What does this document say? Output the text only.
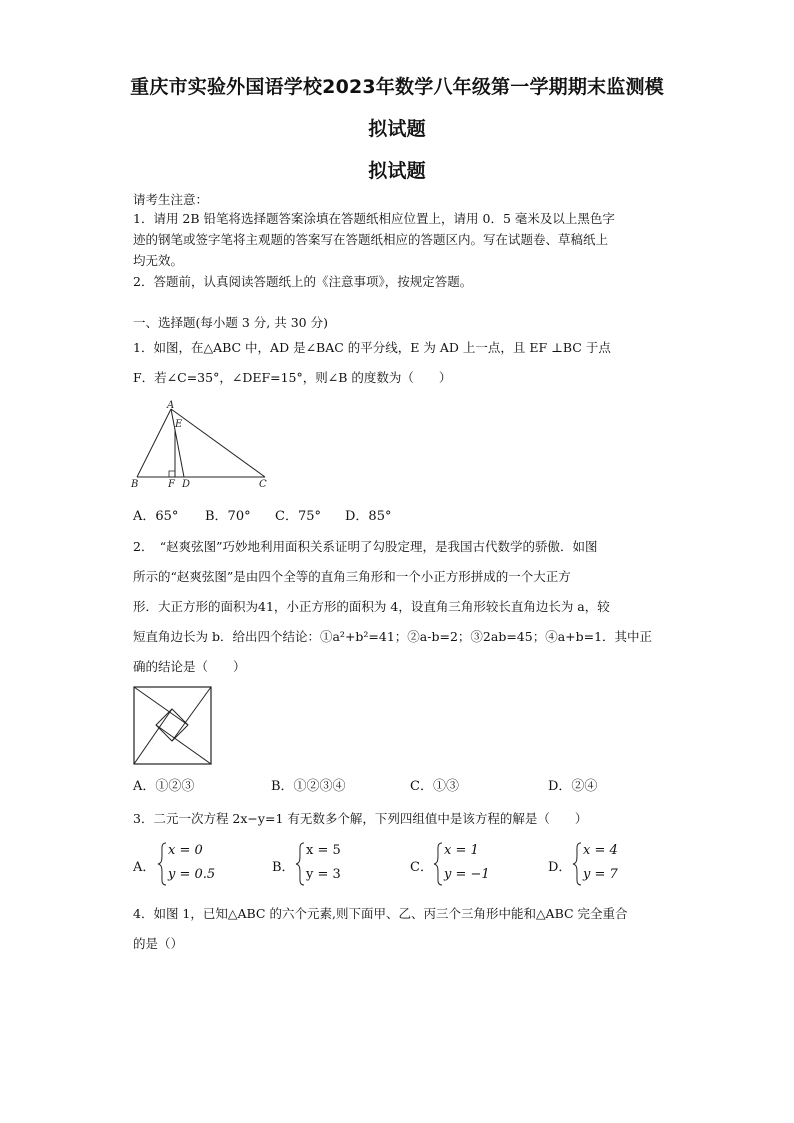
重庆市实验外国语学校2023年数学八年级第一学期期末监测模
拟试题
拟试题
请考生注意：
1．请用 2B 铅笔将选择题答案涂填在答题纸相应位置上，请用 0．5 毫米及以上黑色字
迹的钢笔或签字笔将主观题的答案写在答题纸相应的答题区内。写在试题卷、草稿纸上
均无效。
2．答题前，认真阅读答题纸上的《注意事项》，按规定答题。
一、选择题(每小题 3 分, 共 30 分)
1．如图，在△ABC 中，AD 是∠BAC 的平分线，E 为 AD 上一点，且 EF ⊥BC 于点
F．若∠C=35°，∠DEF=15°，则∠B 的度数为（　　）
A
E
B	F D	C
A．65° B．70° C．75° D．85°
2．　“赵爽弦图”巧妙地利用面积关系证明了勾股定理，是我国古代数学的骄傲．如图
所示的“赵爽弦图”是由四个全等的直角三角形和一个小正方形拼成的一个大正方
形．大正方形的面积为41，小正方形的面积为 4，设直角三角形较长直角边长为 a，较
短直角边长为 b．给出四个结论：①a²+b²=41；②a-b=2；③2ab=45；④a+b=1．其中正
确的结论是（　　）
A．①②③	B．①②③④	C．①③	D．②④
3．二元一次方程 2x−y=1 有无数多个解，下列四组值中是该方程的解是（　　）
A．
x = 0
y = 0.5	B．
x = 5
y = 3	C．
x = 1
y = −1	D．
x = 4
y = 7
4．如图 1，已知△ABC 的六个元素,则下面甲、乙、丙三个三角形中能和△ABC 完全重合
的是（）
